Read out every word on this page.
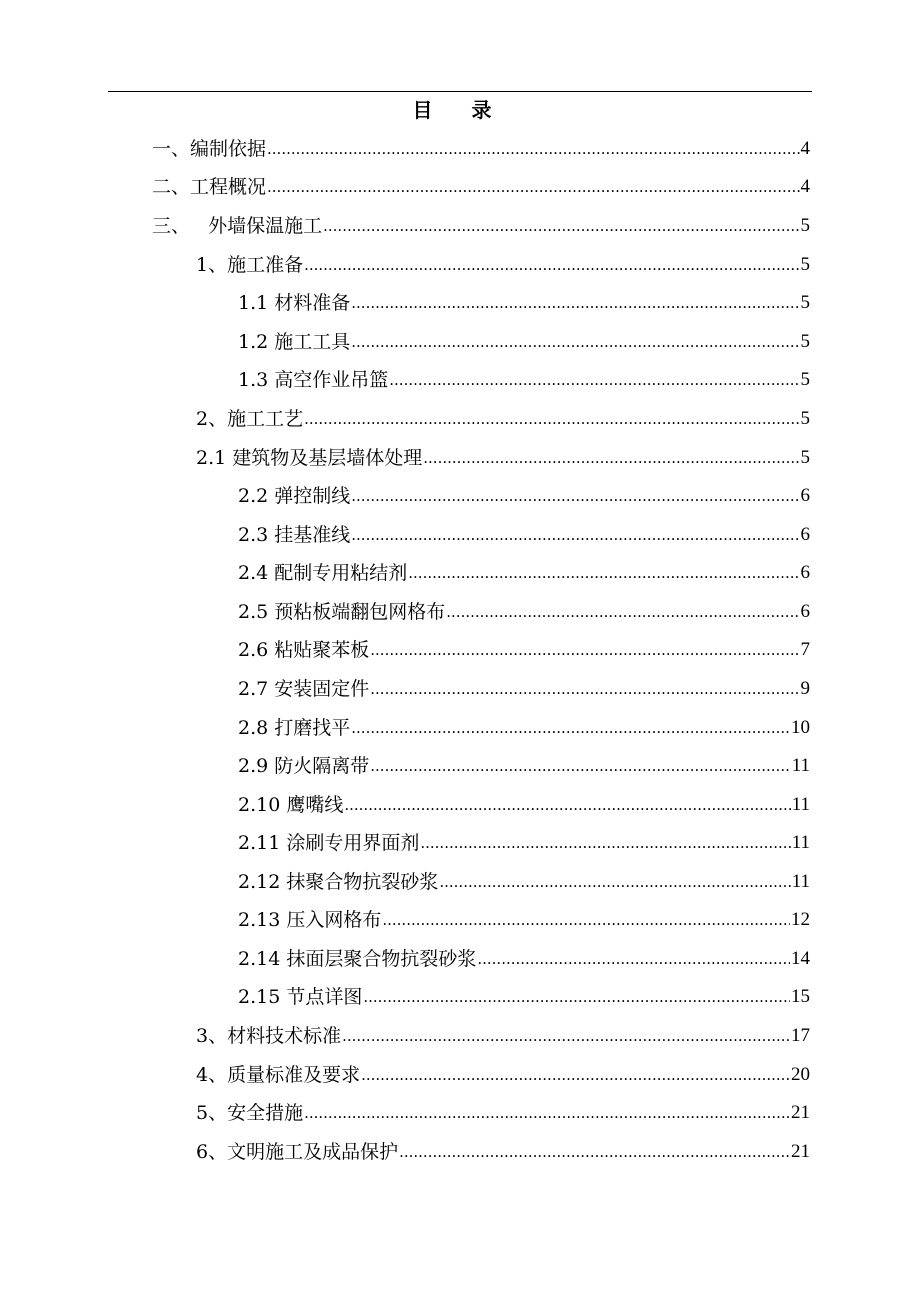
目 录
一、编制依据 .....	4
二、工程概况 .....	4
三、   外墙保温施工 .....	5
1、施工准备 .....	5
1.1 材料准备 .....	5
1.2 施工工具 .....	5
1.3 高空作业吊篮 .....	5
2、施工工艺 .....	5
2.1 建筑物及基层墙体处理 .....	5
2.2 弹控制线 .....	6
2.3 挂基准线 .....	6
2.4 配制专用粘结剂 .....	6
2.5 预粘板端翻包网格布 .....	6
2.6 粘贴聚苯板 .....	7
2.7 安装固定件 .....	9
2.8 打磨找平 .....	10
2.9 防火隔离带 .....	11
2.10 鹰嘴线 .....	11
2.11 涂刷专用界面剂 .....	11
2.12 抹聚合物抗裂砂浆 .....	11
2.13 压入网格布 .....	12
2.14 抹面层聚合物抗裂砂浆 .....	14
2.15 节点详图 .....	15
3、材料技术标准 .....	17
4、质量标准及要求 .....	20
5、安全措施 .....	21
6、文明施工及成品保护 .....	21
